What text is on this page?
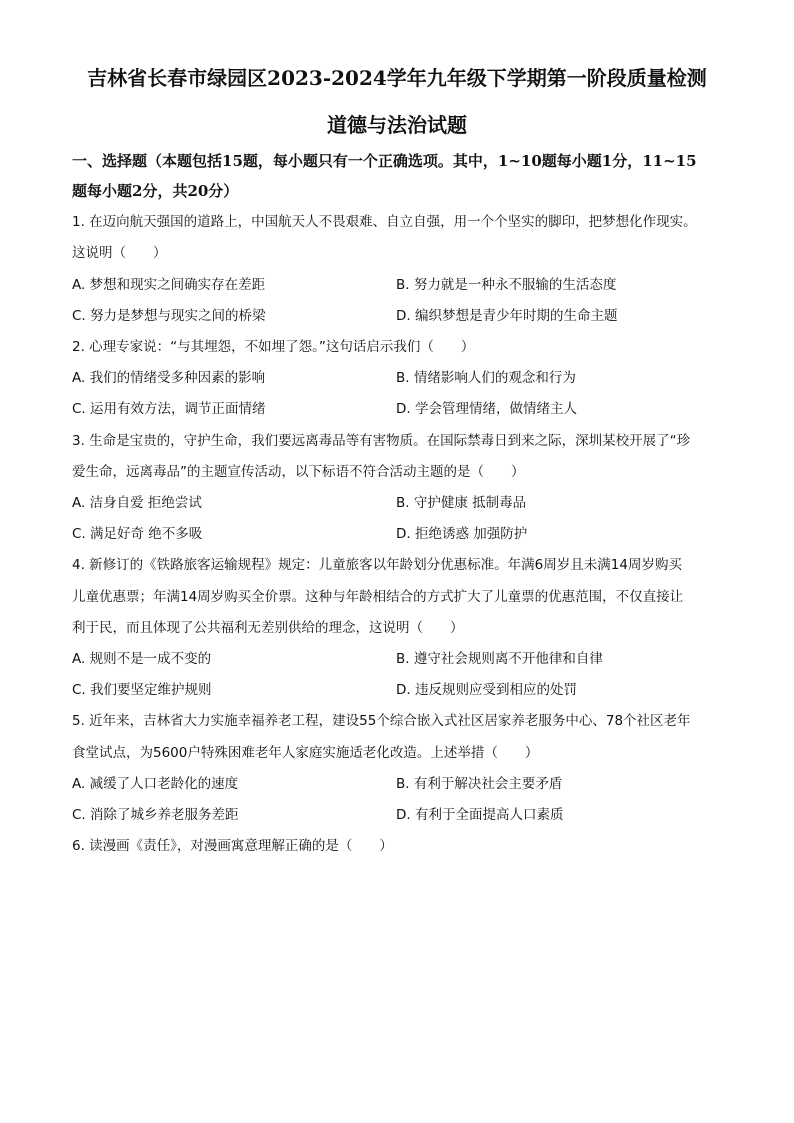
吉林省长春市绿园区2023-2024学年九年级下学期第一阶段质量检测
道德与法治试题
一、选择题（本题包括15题，每小题只有一个正确选项。其中，1~10题每小题1分，11~15
题每小题2分，共20分）
1. 在迈向航天强国的道路上，中国航天人不畏艰难、自立自强，用一个个坚实的脚印，把梦想化作现实。
这说明（　　）
A. 梦想和现实之间确实存在差距	B. 努力就是一种永不服输的生活态度
C. 努力是梦想与现实之间的桥梁	D. 编织梦想是青少年时期的生命主题
2. 心理专家说：“与其埋怨，不如埋了怨。”这句话启示我们（　　）
A. 我们的情绪受多种因素的影响	B. 情绪影响人们的观念和行为
C. 运用有效方法，调节正面情绪	D. 学会管理情绪，做情绪主人
3. 生命是宝贵的，守护生命，我们要远离毒品等有害物质。在国际禁毒日到来之际，深圳某校开展了“珍
爱生命，远离毒品”的主题宣传活动，以下标语不符合活动主题的是（　　）
A. 洁身自爱 拒绝尝试	B. 守护健康 抵制毒品
C. 满足好奇 绝不多吸	D. 拒绝诱惑 加强防护
4. 新修订的《铁路旅客运输规程》规定：儿童旅客以年龄划分优惠标准。年满6周岁且未满14周岁购买
儿童优惠票；年满14周岁购买全价票。这种与年龄相结合的方式扩大了儿童票的优惠范围，不仅直接让
利于民，而且体现了公共福利无差别供给的理念，这说明（　　）
A. 规则不是一成不变的	B. 遵守社会规则离不开他律和自律
C. 我们要坚定维护规则	D. 违反规则应受到相应的处罚
5. 近年来，吉林省大力实施幸福养老工程，建设55个综合嵌入式社区居家养老服务中心、78个社区老年
食堂试点，为5600户特殊困难老年人家庭实施适老化改造。上述举措（　　）
A. 减缓了人口老龄化的速度	B. 有利于解决社会主要矛盾
C. 消除了城乡养老服务差距	D. 有利于全面提高人口素质
6. 读漫画《责任》，对漫画寓意理解正确的是（　　）
